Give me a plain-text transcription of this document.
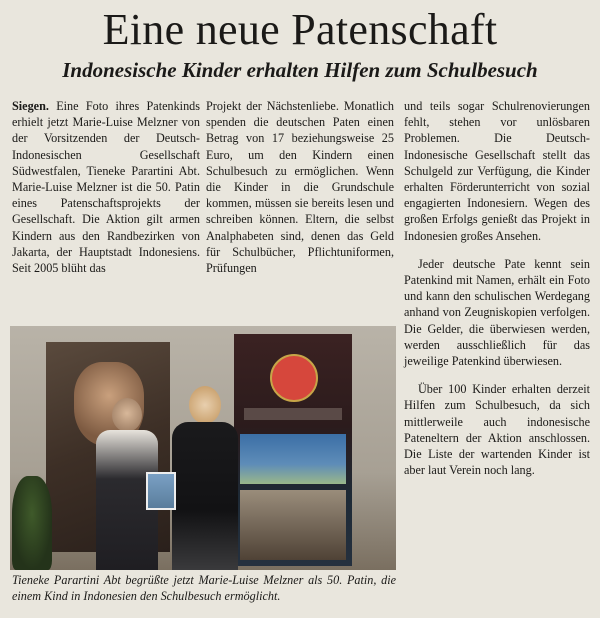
Eine neue Patenschaft
Indonesische Kinder erhalten Hilfen zum Schulbesuch

Siegen. Eine Foto ihres Patenkinds erhielt jetzt Marie-Luise Melzner von der Vorsitzenden der Deutsch-Indonesischen Gesellschaft Südwestfalen, Tieneke Parartini Abt. Marie-Luise Melzner ist die 50. Patin eines Patenschaftsprojekts der Gesellschaft. Die Aktion gilt armen Kindern aus den Randbezirken von Jakarta, der Hauptstadt Indonesiens. Seit 2005 blüht das

Projekt der Nächstenliebe. Monatlich spenden die deutschen Paten einen Betrag von 17 beziehungsweise 25 Euro, um den Kindern einen Schulbesuch zu ermöglichen. Wenn die Kinder in die Grundschule kommen, müssen sie bereits lesen und schreiben können. Eltern, die selbst Analphabeten sind, denen das Geld für Schulbücher, Pflichtuniformen, Prüfungen

und teils sogar Schulrenovierungen fehlt, stehen vor unlösbaren Problemen. Die Deutsch-Indonesische Gesellschaft stellt das Schulgeld zur Verfügung, die Kinder erhalten Förderunterricht von sozial engagierten Indonesiern. Wegen des großen Erfolgs genießt das Projekt in Indonesien großes Ansehen.

Jeder deutsche Pate kennt sein Patenkind mit Namen, erhält ein Foto und kann den schulischen Werdegang anhand von Zeugniskopien verfolgen. Die Gelder, die überwiesen werden, werden ausschließlich für das jeweilige Patenkind überwiesen.

Über 100 Kinder erhalten derzeit Hilfen zum Schulbesuch, da sich mittlerweile auch indonesische Pateneltern der Aktion anschlossen. Die Liste der wartenden Kinder ist aber laut Verein noch lang.

Tieneke Parartini Abt begrüßte jetzt Marie-Luise Melzner als 50. Patin, die einem Kind in Indonesien den Schulbesuch ermöglicht.
